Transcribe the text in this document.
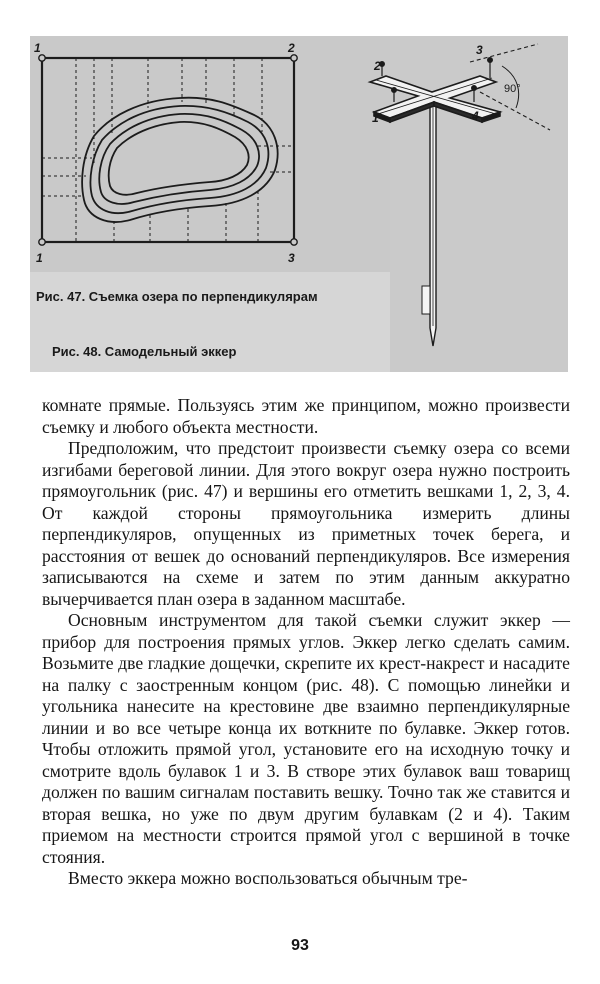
1	2
1	3
2
3
1	4
90°
Рис. 47. Съемка озера по перпендикулярам
Рис. 48. Самодельный эккер

комнате прямые. Пользуясь этим же принципом, можно произвести съемку и любого объекта местности.

Предположим, что предстоит произвести съемку озера со всеми изгибами береговой линии. Для этого вокруг озера нужно построить прямоугольник (рис. 47) и вершины его отметить вешками 1, 2, 3, 4. От каждой стороны прямоугольника измерить длины перпендикуляров, опущенных из приметных точек берега, и расстояния от вешек до оснований перпендикуляров. Все измерения записываются на схеме и затем по этим данным аккуратно вычерчивается план озера в заданном масштабе.

Основным инструментом для такой съемки служит эккер — прибор для построения прямых углов. Эккер легко сделать самим. Возьмите две гладкие дощечки, скрепите их крест-накрест и насадите на палку с заостренным концом (рис. 48). С помощью линейки и угольника нанесите на крестовине две взаимно перпендикулярные линии и во все четыре конца их воткните по булавке. Эккер готов. Чтобы отложить прямой угол, установите его на исходную точку и смотрите вдоль булавок 1 и 3. В створе этих булавок ваш товарищ должен по вашим сигналам поставить вешку. Точно так же ставится и вторая вешка, но уже по двум другим булавкам (2 и 4). Таким приемом на местности строится прямой угол с вершиной в точке стояния.

Вместо эккера можно воспользоваться обычным тре-

93
